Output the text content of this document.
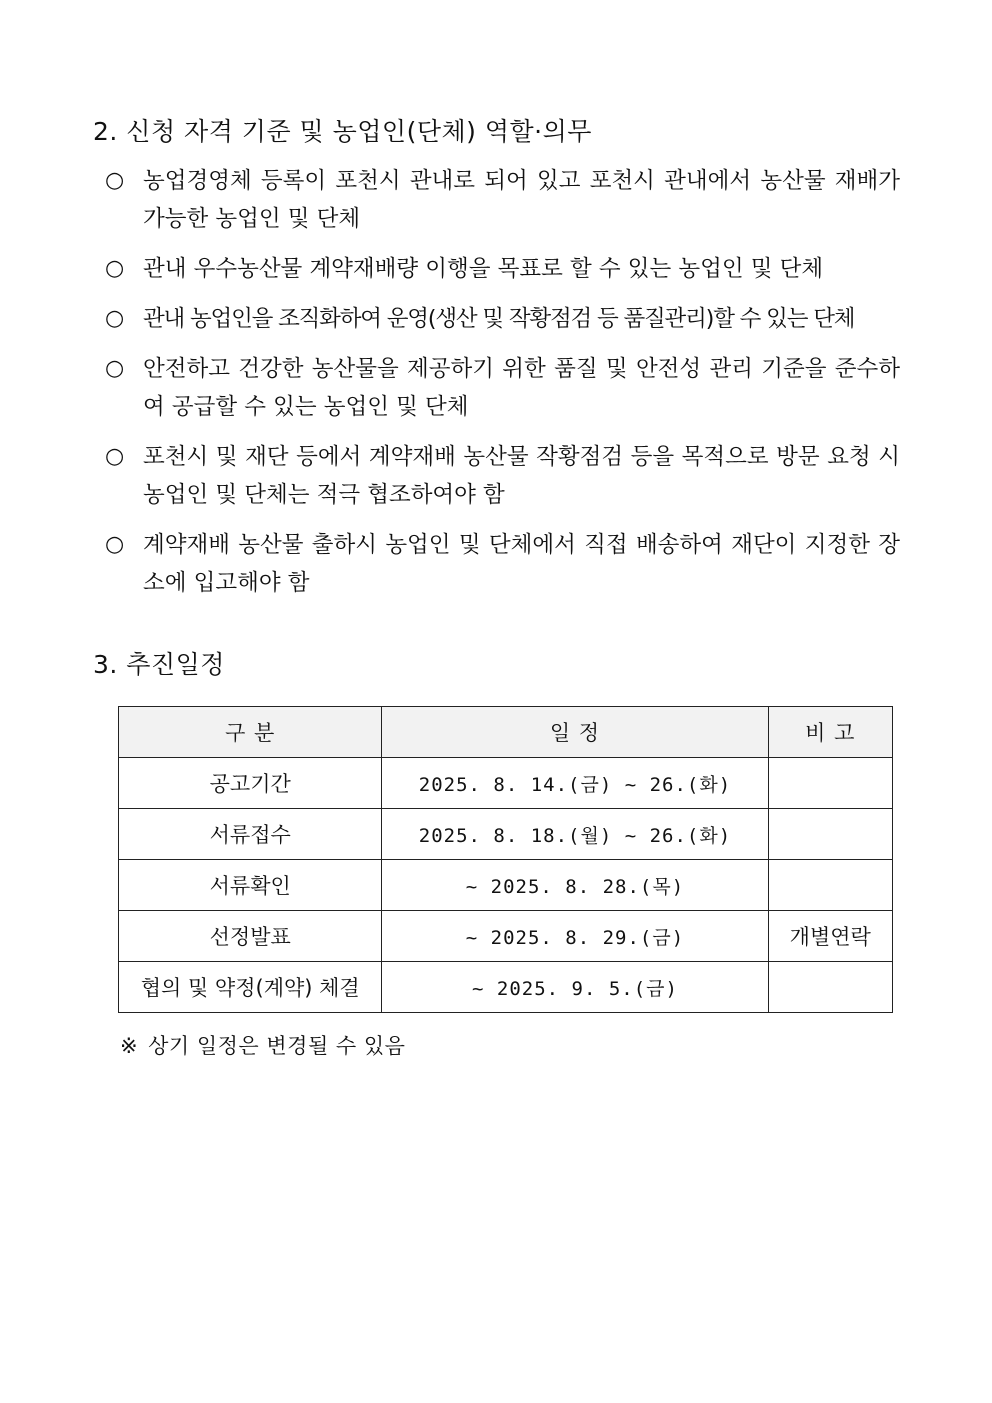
2. 신청 자격 기준 및 농업인(단체) 역할·의무
○ 농업경영체 등록이 포천시 관내로 되어 있고 포천시 관내에서 농산물 재배가 가능한 농업인 및 단체
○ 관내 우수농산물 계약재배량 이행을 목표로 할 수 있는 농업인 및 단체
○ 관내 농업인을 조직화하여 운영(생산 및 작황점검 등 품질관리)할 수 있는 단체
○ 안전하고 건강한 농산물을 제공하기 위한 품질 및 안전성 관리 기준을 준수하여 공급할 수 있는 농업인 및 단체
○ 포천시 및 재단 등에서 계약재배 농산물 작황점검 등을 목적으로 방문 요청 시 농업인 및 단체는 적극 협조하여야 함
○ 계약재배 농산물 출하시 농업인 및 단체에서 직접 배송하여 재단이 지정한 장소에 입고해야 함
3. 추진일정
구 분	일 정	비 고
공고기간	2025. 8. 14.(금) ~ 26.(화)	
서류접수	2025. 8. 18.(월) ~ 26.(화)	
서류확인	~ 2025. 8. 28.(목)	
선정발표	~ 2025. 8. 29.(금)	개별연락
협의 및 약정(계약) 체결	~ 2025. 9. 5.(금)	
※ 상기 일정은 변경될 수 있음
